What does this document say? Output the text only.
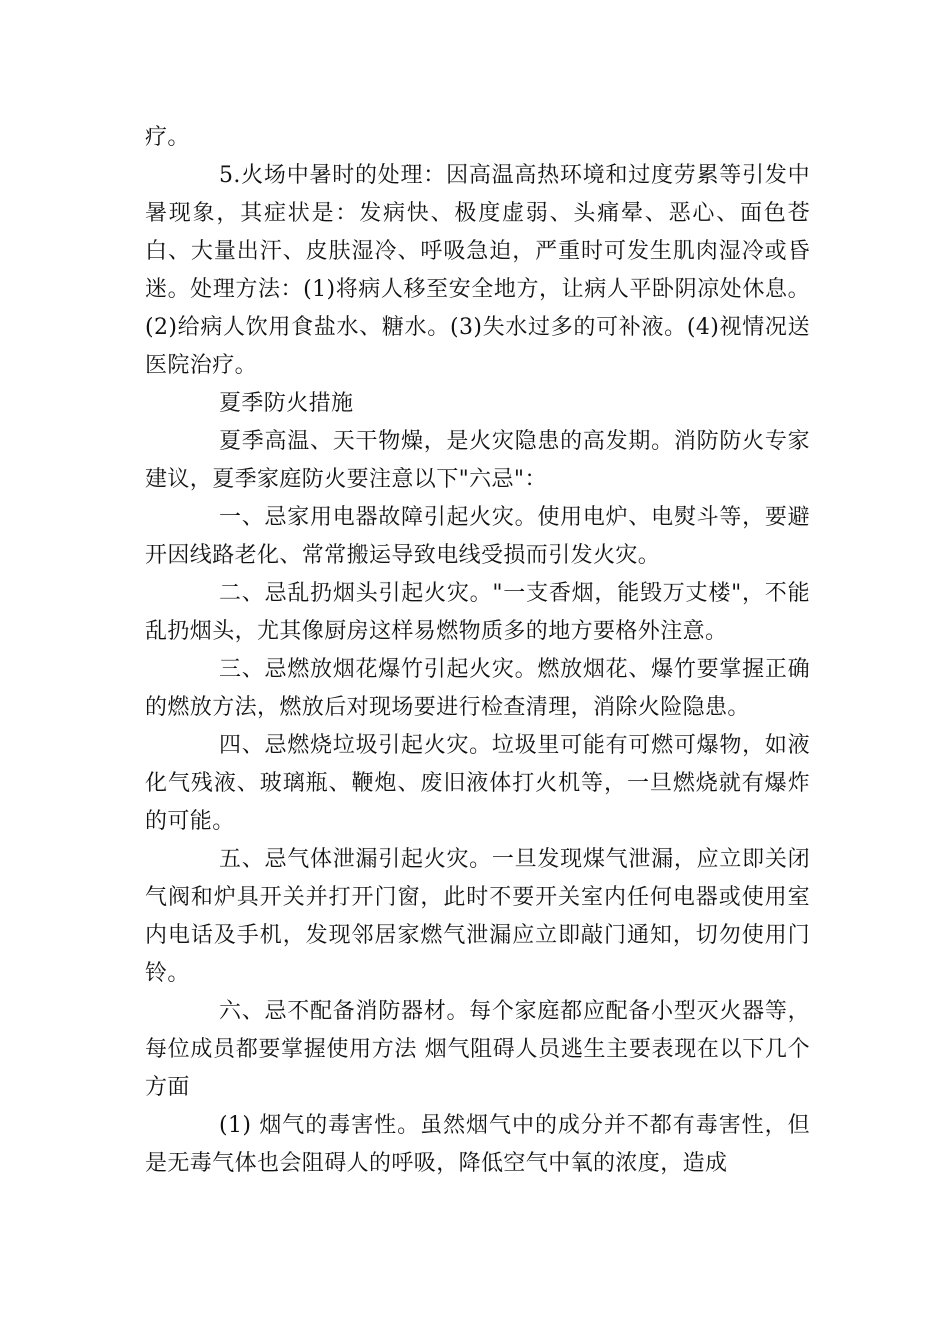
疗。

5.火场中暑时的处理：因高温高热环境和过度劳累等引发中暑现象，其症状是：发病快、极度虚弱、头痛晕、恶心、面色苍白、大量出汗、皮肤湿冷、呼吸急迫，严重时可发生肌肉湿冷或昏迷。处理方法：(1)将病人移至安全地方，让病人平卧阴凉处休息。(2)给病人饮用食盐水、糖水。(3)失水过多的可补液。(4)视情况送医院治疗。

夏季防火措施

夏季高温、天干物燥，是火灾隐患的高发期。消防防火专家建议，夏季家庭防火要注意以下"六忌"：

一、忌家用电器故障引起火灾。使用电炉、电熨斗等，要避开因线路老化、常常搬运导致电线受损而引发火灾。

二、忌乱扔烟头引起火灾。"一支香烟，能毁万丈楼"，不能乱扔烟头，尤其像厨房这样易燃物质多的地方要格外注意。

三、忌燃放烟花爆竹引起火灾。燃放烟花、爆竹要掌握正确的燃放方法，燃放后对现场要进行检查清理，消除火险隐患。

四、忌燃烧垃圾引起火灾。垃圾里可能有可燃可爆物，如液化气残液、玻璃瓶、鞭炮、废旧液体打火机等，一旦燃烧就有爆炸的可能。

五、忌气体泄漏引起火灾。一旦发现煤气泄漏，应立即关闭气阀和炉具开关并打开门窗，此时不要开关室内任何电器或使用室内电话及手机，发现邻居家燃气泄漏应立即敲门通知，切勿使用门铃。

六、忌不配备消防器材。每个家庭都应配备小型灭火器等，每位成员都要掌握使用方法 烟气阻碍人员逃生主要表现在以下几个方面

(1) 烟气的毒害性。虽然烟气中的成分并不都有毒害性，但是无毒气体也会阻碍人的呼吸，降低空气中氧的浓度，造成
